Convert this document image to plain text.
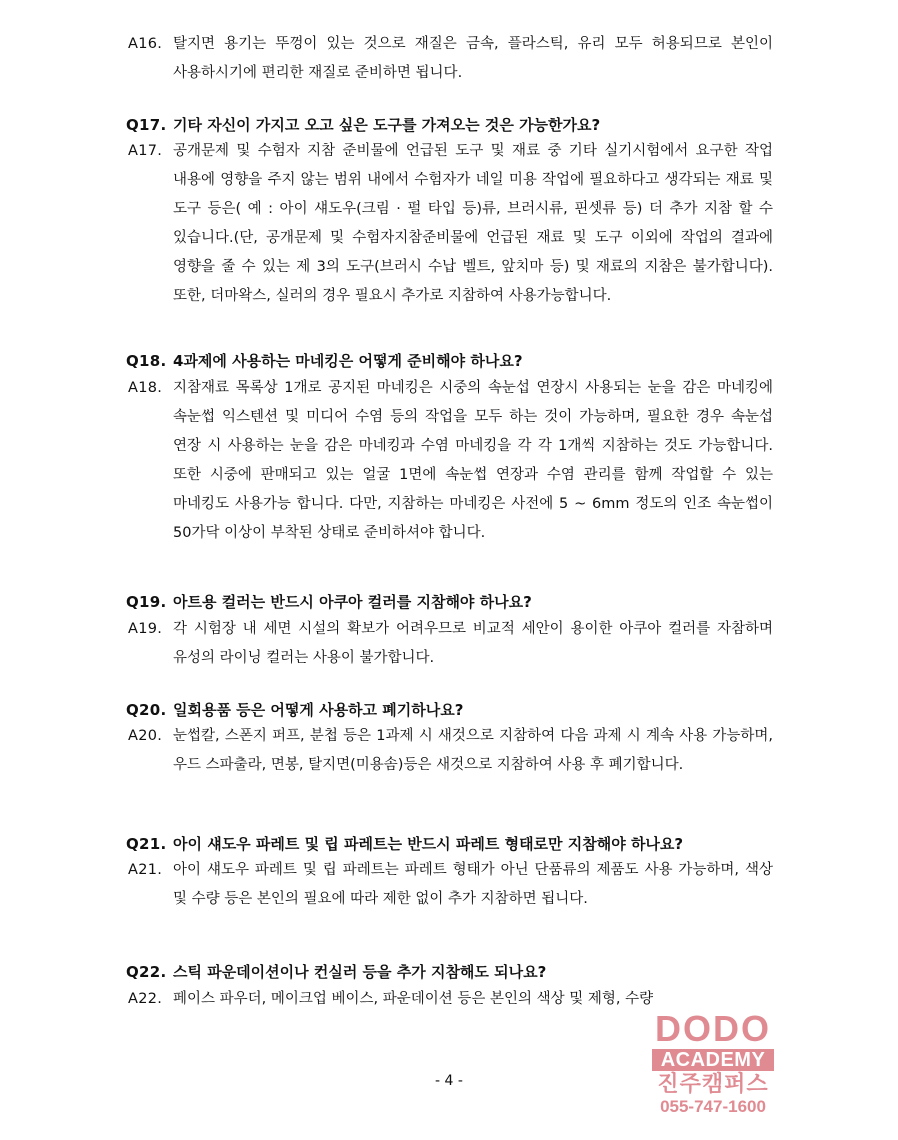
A16. 탈지면 용기는 뚜껑이 있는 것으로 재질은 금속, 플라스틱, 유리 모두 허용되므로 본인이 사용하시기에 편리한 재질로 준비하면 됩니다.
Q17. 기타 자신이 가지고 오고 싶은 도구를 가져오는 것은 가능한가요?
A17. 공개문제 및 수험자 지참 준비물에 언급된 도구 및 재료 중 기타 실기시험에서 요구한 작업 내용에 영향을 주지 않는 범위 내에서 수험자가 네일 미용 작업에 필요하다고 생각되는 재료 및 도구 등은( 예 : 아이 섀도우(크림 · 펄 타입 등)류, 브러시류, 핀셋류 등) 더 추가 지참 할 수 있습니다.(단, 공개문제 및 수험자지참준비물에 언급된 재료 및 도구 이외에 작업의 결과에 영향을 줄 수 있는 제 3의 도구(브러시 수납 벨트, 앞치마 등) 및 재료의 지참은 불가합니다). 또한, 더마왁스, 실러의 경우 필요시 추가로 지참하여 사용가능합니다.
Q18. 4과제에 사용하는 마네킹은 어떻게 준비해야 하나요?
A18. 지참재료 목록상 1개로 공지된 마네킹은 시중의 속눈섭 연장시 사용되는 눈을 감은 마네킹에 속눈썹 익스텐션 및 미디어 수염 등의 작업을 모두 하는 것이 가능하며, 필요한 경우 속눈섭 연장 시 사용하는 눈을 감은 마네킹과 수염 마네킹을 각 각 1개씩 지참하는 것도 가능합니다. 또한 시중에 판매되고 있는 얼굴 1면에 속눈썹 연장과 수염 관리를 함께 작업할 수 있는 마네킹도 사용가능 합니다. 다만, 지참하는 마네킹은 사전에 5 ~ 6mm 정도의 인조 속눈썹이 50가닥 이상이 부착된 상태로 준비하셔야 합니다.
Q19. 아트용 컬러는 반드시 아쿠아 컬러를 지참해야 하나요?
A19. 각 시험장 내 세면 시설의 확보가 어려우므로 비교적 세안이 용이한 아쿠아 컬러를 자참하며 유성의 라이닝 컬러는 사용이 불가합니다.
Q20. 일회용품 등은 어떻게 사용하고 폐기하나요?
A20. 눈썹칼, 스폰지 퍼프, 분첩 등은 1과제 시 새것으로 지참하여 다음 과제 시 계속 사용 가능하며, 우드 스파출라, 면봉, 탈지면(미용솜)등은 새것으로 지참하여 사용 후 폐기합니다.
Q21. 아이 섀도우 파레트 및 립 파레트는 반드시 파레트 형태로만 지참해야 하나요?
A21. 아이 섀도우 파레트 및 립 파레트는 파레트 형태가 아닌 단품류의 제품도 사용 가능하며, 색상 및 수량 등은 본인의 필요에 따라 제한 없이 추가 지참하면 됩니다.
Q22. 스틱 파운데이션이나 컨실러 등을 추가 지참해도 되나요?
A22. 페이스 파우더, 메이크업 베이스, 파운데이션 등은 본인의 색상 및 제형, 수량
- 4 -
DODO
ACADEMY
진주캠퍼스
055-747-1600
